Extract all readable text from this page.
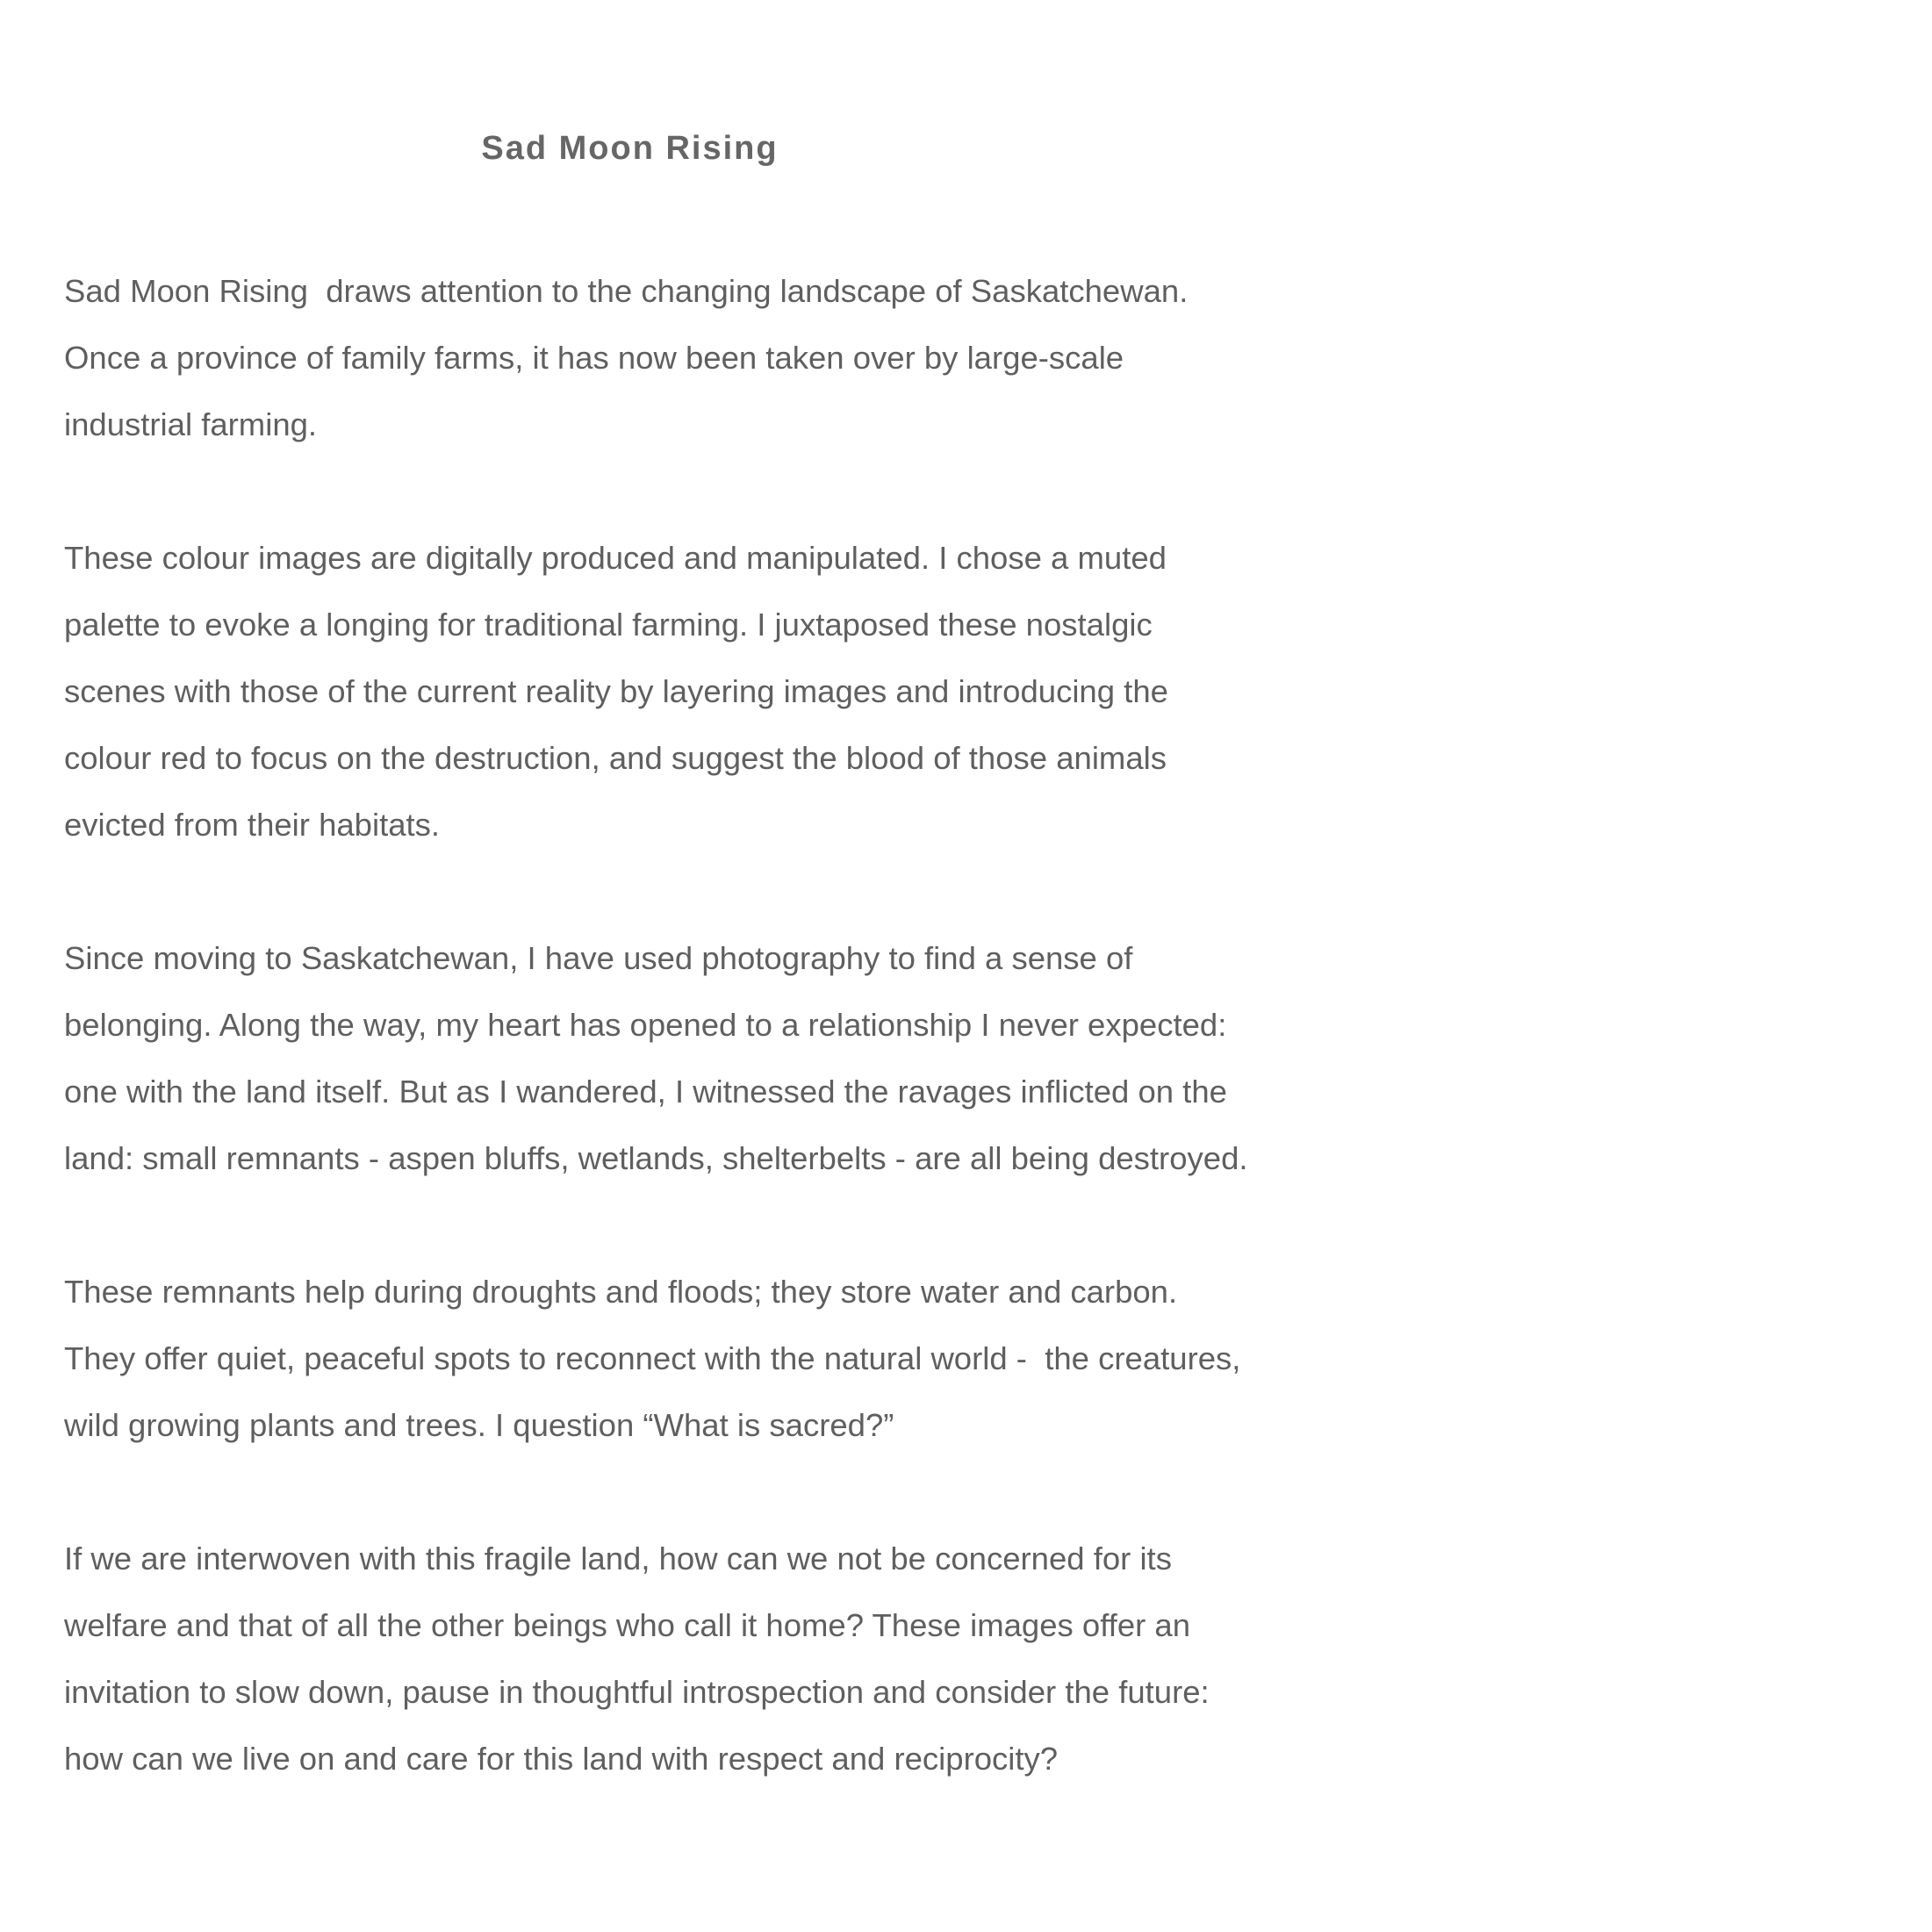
Sad Moon Rising
Sad Moon Rising  draws attention to the changing landscape of Saskatchewan.
Once a province of family farms, it has now been taken over by large-scale
industrial farming.
These colour images are digitally produced and manipulated. I chose a muted
palette to evoke a longing for traditional farming. I juxtaposed these nostalgic
scenes with those of the current reality by layering images and introducing the
colour red to focus on the destruction, and suggest the blood of those animals
evicted from their habitats.
Since moving to Saskatchewan, I have used photography to find a sense of
belonging. Along the way, my heart has opened to a relationship I never expected:
one with the land itself. But as I wandered, I witnessed the ravages inflicted on the
land: small remnants - aspen bluffs, wetlands, shelterbelts - are all being destroyed.
These remnants help during droughts and floods; they store water and carbon.
They offer quiet, peaceful spots to reconnect with the natural world -  the creatures,
wild growing plants and trees. I question “What is sacred?”
If we are interwoven with this fragile land, how can we not be concerned for its
welfare and that of all the other beings who call it home? These images offer an
invitation to slow down, pause in thoughtful introspection and consider the future:
how can we live on and care for this land with respect and reciprocity?
